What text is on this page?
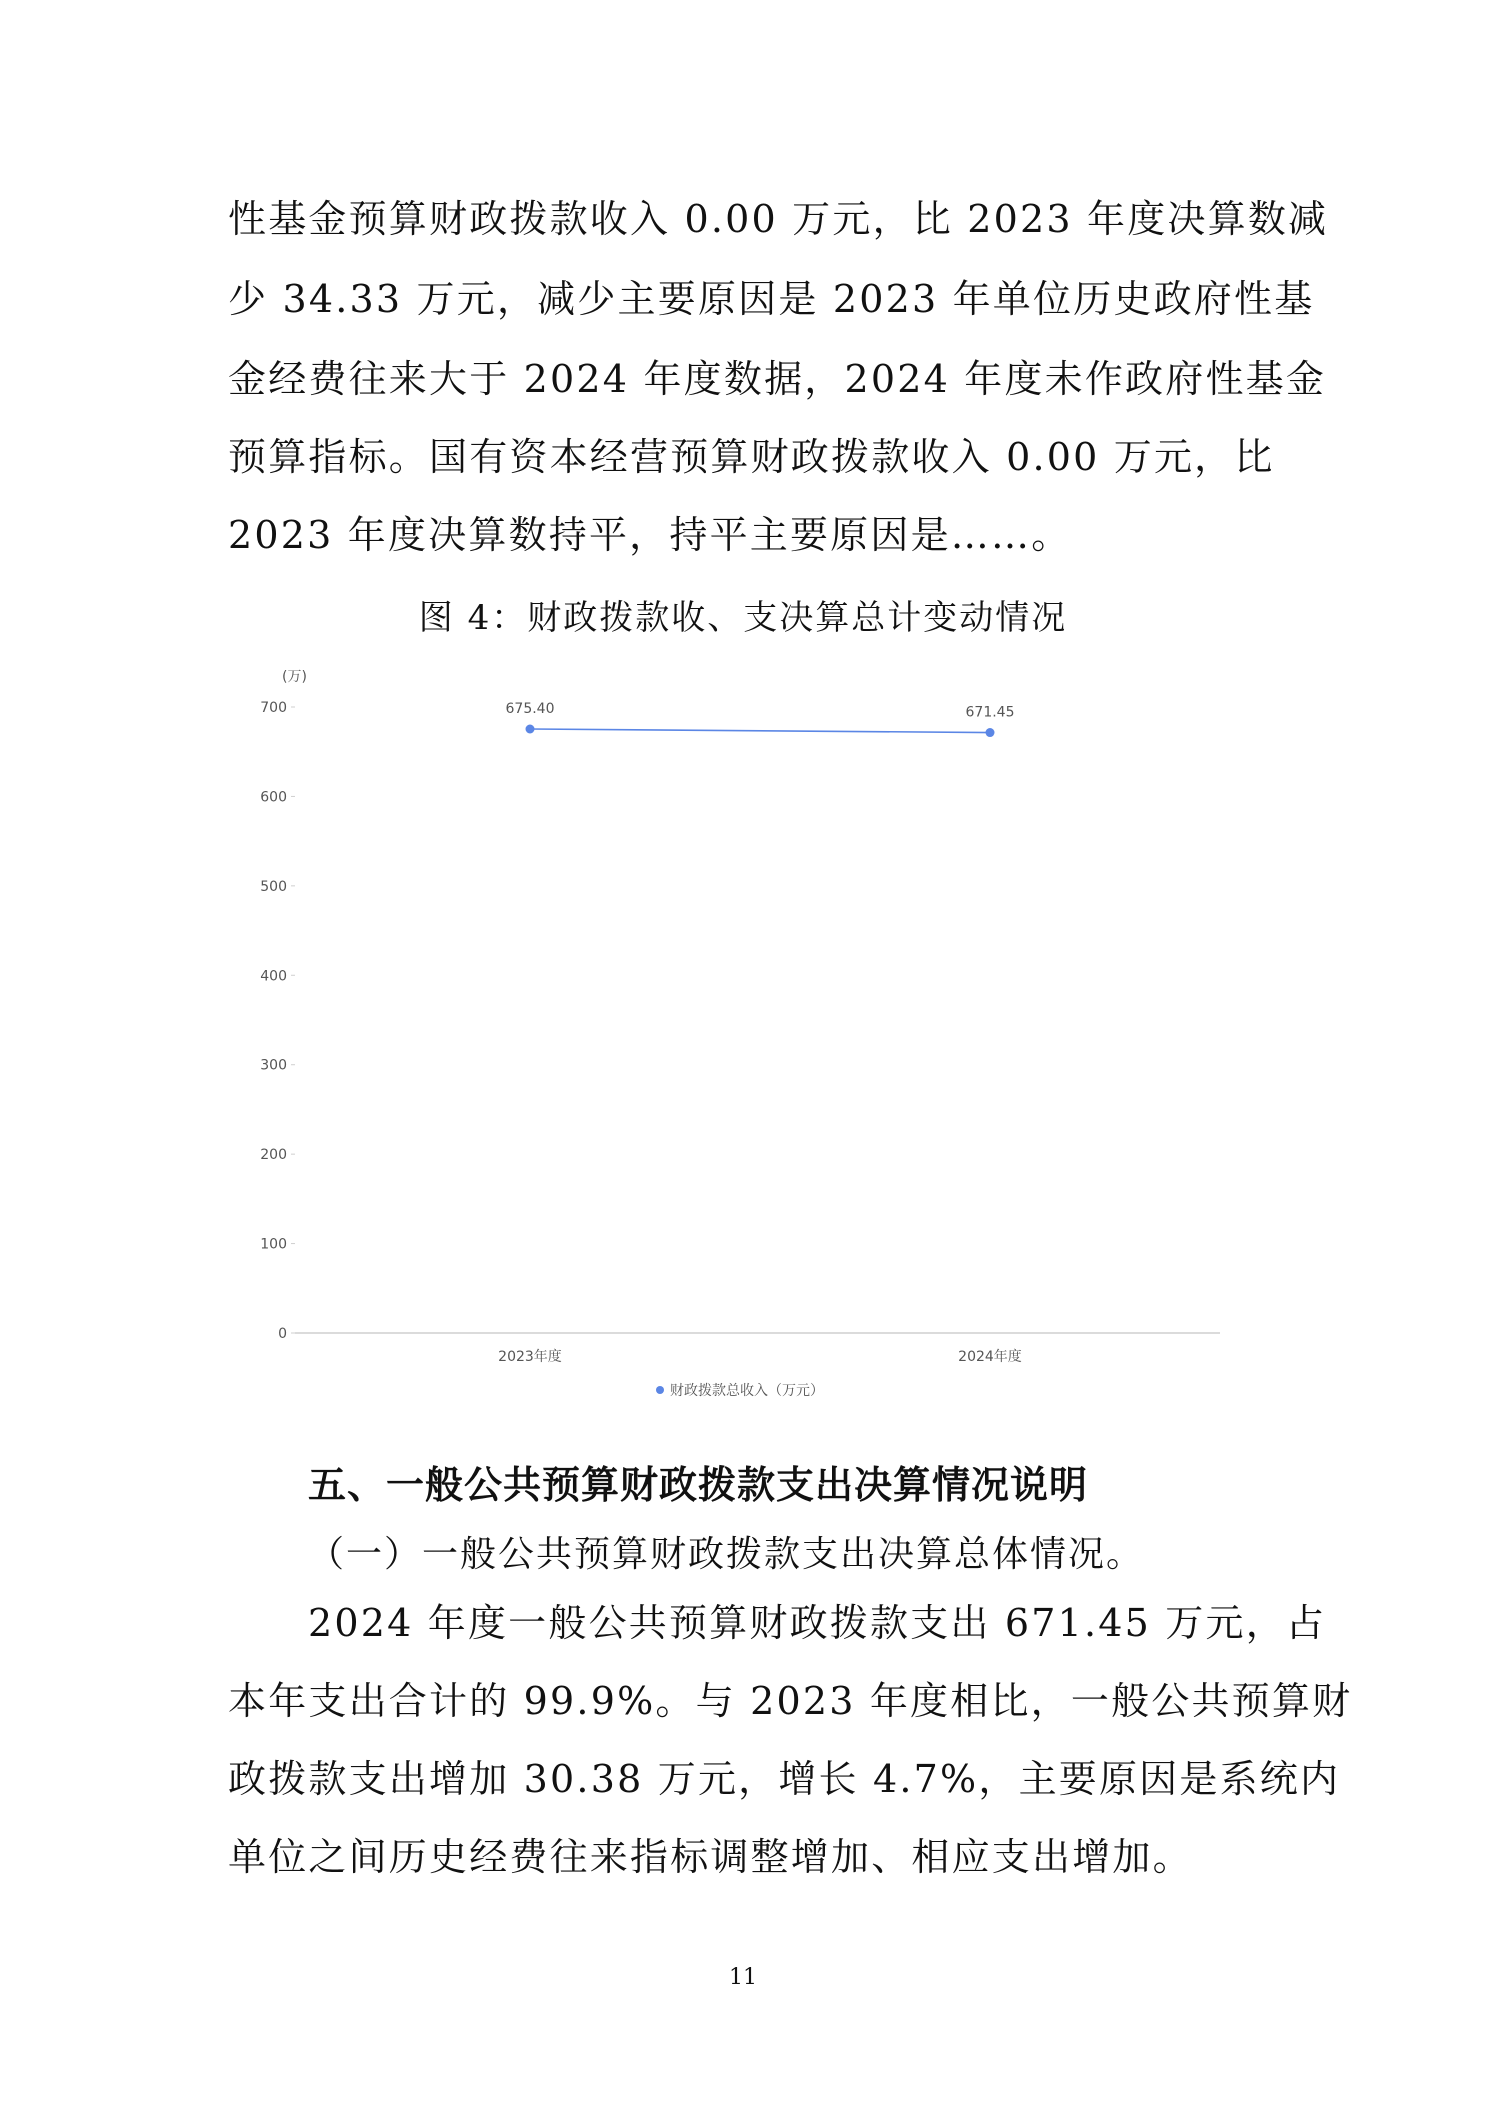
性基金预算财政拨款收入 0.00 万元，比 2023 年度决算数减
少 34.33 万元，减少主要原因是 2023 年单位历史政府性基
金经费往来大于 2024 年度数据，2024 年度未作政府性基金
预算指标。国有资本经营预算财政拨款收入 0.00 万元，比
2023 年度决算数持平，持平主要原因是……。
图 4：财政拨款收、支决算总计变动情况
(万)
0
100
200
300
400
500
600
700
2023年度	2024年度
675.40	671.45
财政拨款总收入（万元）
五、一般公共预算财政拨款支出决算情况说明
（一）一般公共预算财政拨款支出决算总体情况。
2024 年度一般公共预算财政拨款支出 671.45 万元，占
本年支出合计的 99.9%。与 2023 年度相比，一般公共预算财
政拨款支出增加 30.38 万元，增长 4.7%，主要原因是系统内
单位之间历史经费往来指标调整增加、相应支出增加。
11
